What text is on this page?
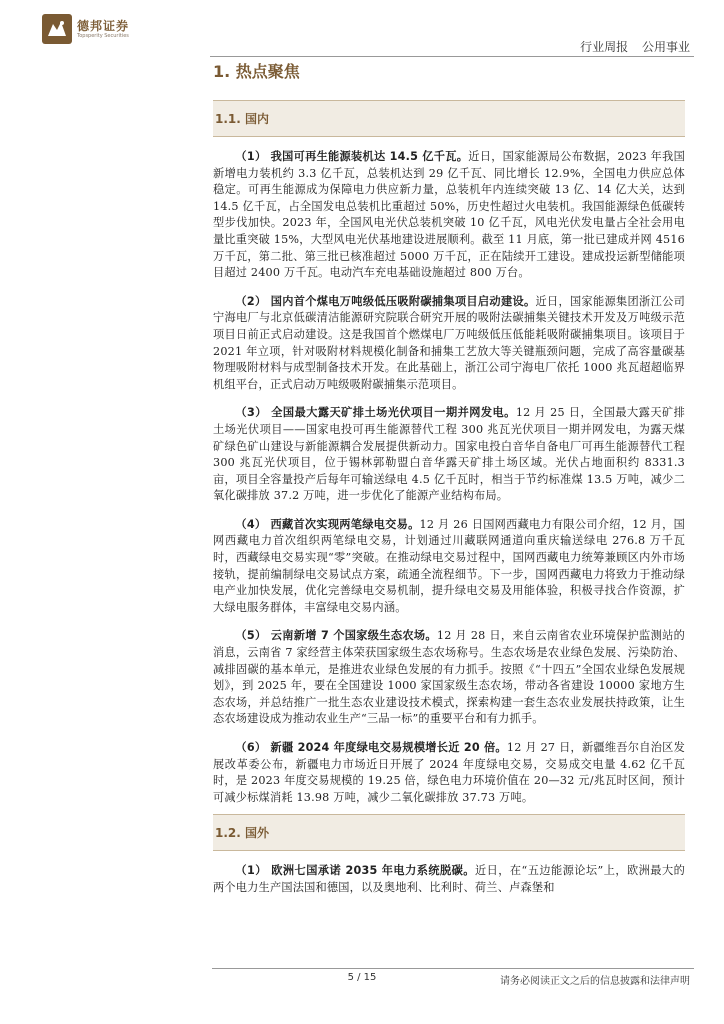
德邦证券
Topsperity Securities
行业周报 公用事业
1. 热点聚焦
1.1. 国内

（1） 我国可再生能源装机达 14.5 亿千瓦。近日，国家能源局公布数据，2023 年我国新增电力装机约 3.3 亿千瓦，总装机达到 29 亿千瓦、同比增长 12.9%，全国电力供应总体稳定。可再生能源成为保障电力供应新力量，总装机年内连续突破 13 亿、14 亿大关，达到 14.5 亿千瓦，占全国发电总装机比重超过 50%，历史性超过火电装机。我国能源绿色低碳转型步伐加快。2023 年，全国风电光伏总装机突破 10 亿千瓦，风电光伏发电量占全社会用电量比重突破 15%，大型风电光伏基地建设进展顺利。截至 11 月底，第一批已建成并网 4516 万千瓦，第二批、第三批已核准超过 5000 万千瓦，正在陆续开工建设。建成投运新型储能项目超过 2400 万千瓦。电动汽车充电基础设施超过 800 万台。

（2） 国内首个煤电万吨级低压吸附碳捕集项目启动建设。近日，国家能源集团浙江公司宁海电厂与北京低碳清洁能源研究院联合研究开展的吸附法碳捕集关键技术开发及万吨级示范项目日前正式启动建设。这是我国首个燃煤电厂万吨级低压低能耗吸附碳捕集项目。该项目于 2021 年立项，针对吸附材料规模化制备和捕集工艺放大等关键瓶颈问题，完成了高容量碳基物理吸附材料与成型制备技术开发。在此基础上，浙江公司宁海电厂依托 1000 兆瓦超超临界机组平台，正式启动万吨级吸附碳捕集示范项目。

（3） 全国最大露天矿排土场光伏项目一期并网发电。12 月 25 日，全国最大露天矿排土场光伏项目——国家电投可再生能源替代工程 300 兆瓦光伏项目一期并网发电，为露天煤矿绿色矿山建设与新能源耦合发展提供新动力。国家电投白音华自备电厂可再生能源替代工程 300 兆瓦光伏项目，位于锡林郭勒盟白音华露天矿排土场区域。光伏占地面积约 8331.3 亩，项目全容量投产后每年可输送绿电 4.5 亿千瓦时，相当于节约标准煤 13.5 万吨，减少二氧化碳排放 37.2 万吨，进一步优化了能源产业结构布局。

（4） 西藏首次实现两笔绿电交易。12 月 26 日国网西藏电力有限公司介绍，12 月，国网西藏电力首次组织两笔绿电交易，计划通过川藏联网通道向重庆输送绿电 276.8 万千瓦时，西藏绿电交易实现“零”突破。在推动绿电交易过程中，国网西藏电力统筹兼顾区内外市场接轨，提前编制绿电交易试点方案，疏通全流程细节。下一步，国网西藏电力将致力于推动绿电产业加快发展，优化完善绿电交易机制，提升绿电交易及用能体验，积极寻找合作资源，扩大绿电服务群体，丰富绿电交易内涵。

（5） 云南新增 7 个国家级生态农场。12 月 28 日，来自云南省农业环境保护监测站的消息，云南省 7 家经营主体荣获国家级生态农场称号。生态农场是农业绿色发展、污染防治、减排固碳的基本单元，是推进农业绿色发展的有力抓手。按照《“十四五”全国农业绿色发展规划》，到 2025 年，要在全国建设 1000 家国家级生态农场，带动各省建设 10000 家地方生态农场，并总结推广一批生态农业建设技术模式，探索构建一套生态农业发展扶持政策，让生态农场建设成为推动农业生产“三品一标”的重要平台和有力抓手。

（6） 新疆 2024 年度绿电交易规模增长近 20 倍。12 月 27 日，新疆维吾尔自治区发展改革委公布，新疆电力市场近日开展了 2024 年度绿电交易，交易成交电量 4.62 亿千瓦时，是 2023 年度交易规模的 19.25 倍，绿色电力环境价值在 20—32 元/兆瓦时区间，预计可减少标煤消耗 13.98 万吨，减少二氧化碳排放 37.73 万吨。

1.2. 国外

（1） 欧洲七国承诺 2035 年电力系统脱碳。近日，在“五边能源论坛”上，欧洲最大的两个电力生产国法国和德国，以及奥地利、比利时、荷兰、卢森堡和

5 / 15	请务必阅读正文之后的信息披露和法律声明
